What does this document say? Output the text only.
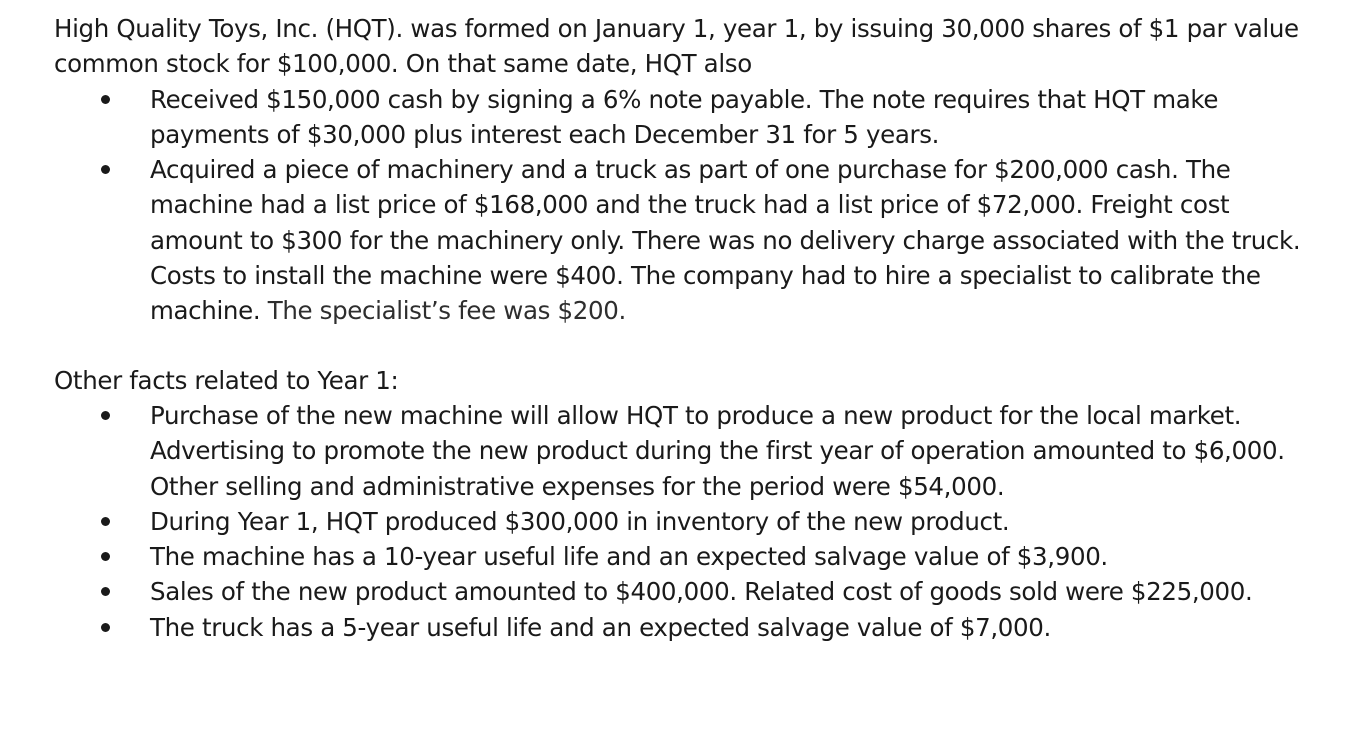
High Quality Toys, Inc. (HQT). was formed on January 1, year 1, by issuing 30,000 shares of $1 par value common stock for $100,000. On that same date, HQT also

Received $150,000 cash by signing a 6% note payable. The note requires that HQT make payments of $30,000 plus interest each December 31 for 5 years.
Acquired a piece of machinery and a truck as part of one purchase for $200,000 cash. The machine had a list price of $168,000 and the truck had a list price of $72,000. Freight cost amount to $300 for the machinery only. There was no delivery charge associated with the truck. Costs to install the machine were $400. The company had to hire a specialist to calibrate the machine. The specialist’s fee was $200.

Other facts related to Year 1:

Purchase of the new machine will allow HQT to produce a new product for the local market. Advertising to promote the new product during the first year of operation amounted to $6,000. Other selling and administrative expenses for the period were $54,000.
During Year 1, HQT produced $300,000 in inventory of the new product.
The machine has a 10-year useful life and an expected salvage value of $3,900.
Sales of the new product amounted to $400,000. Related cost of goods sold were $225,000.
The truck has a 5-year useful life and an expected salvage value of $7,000.
